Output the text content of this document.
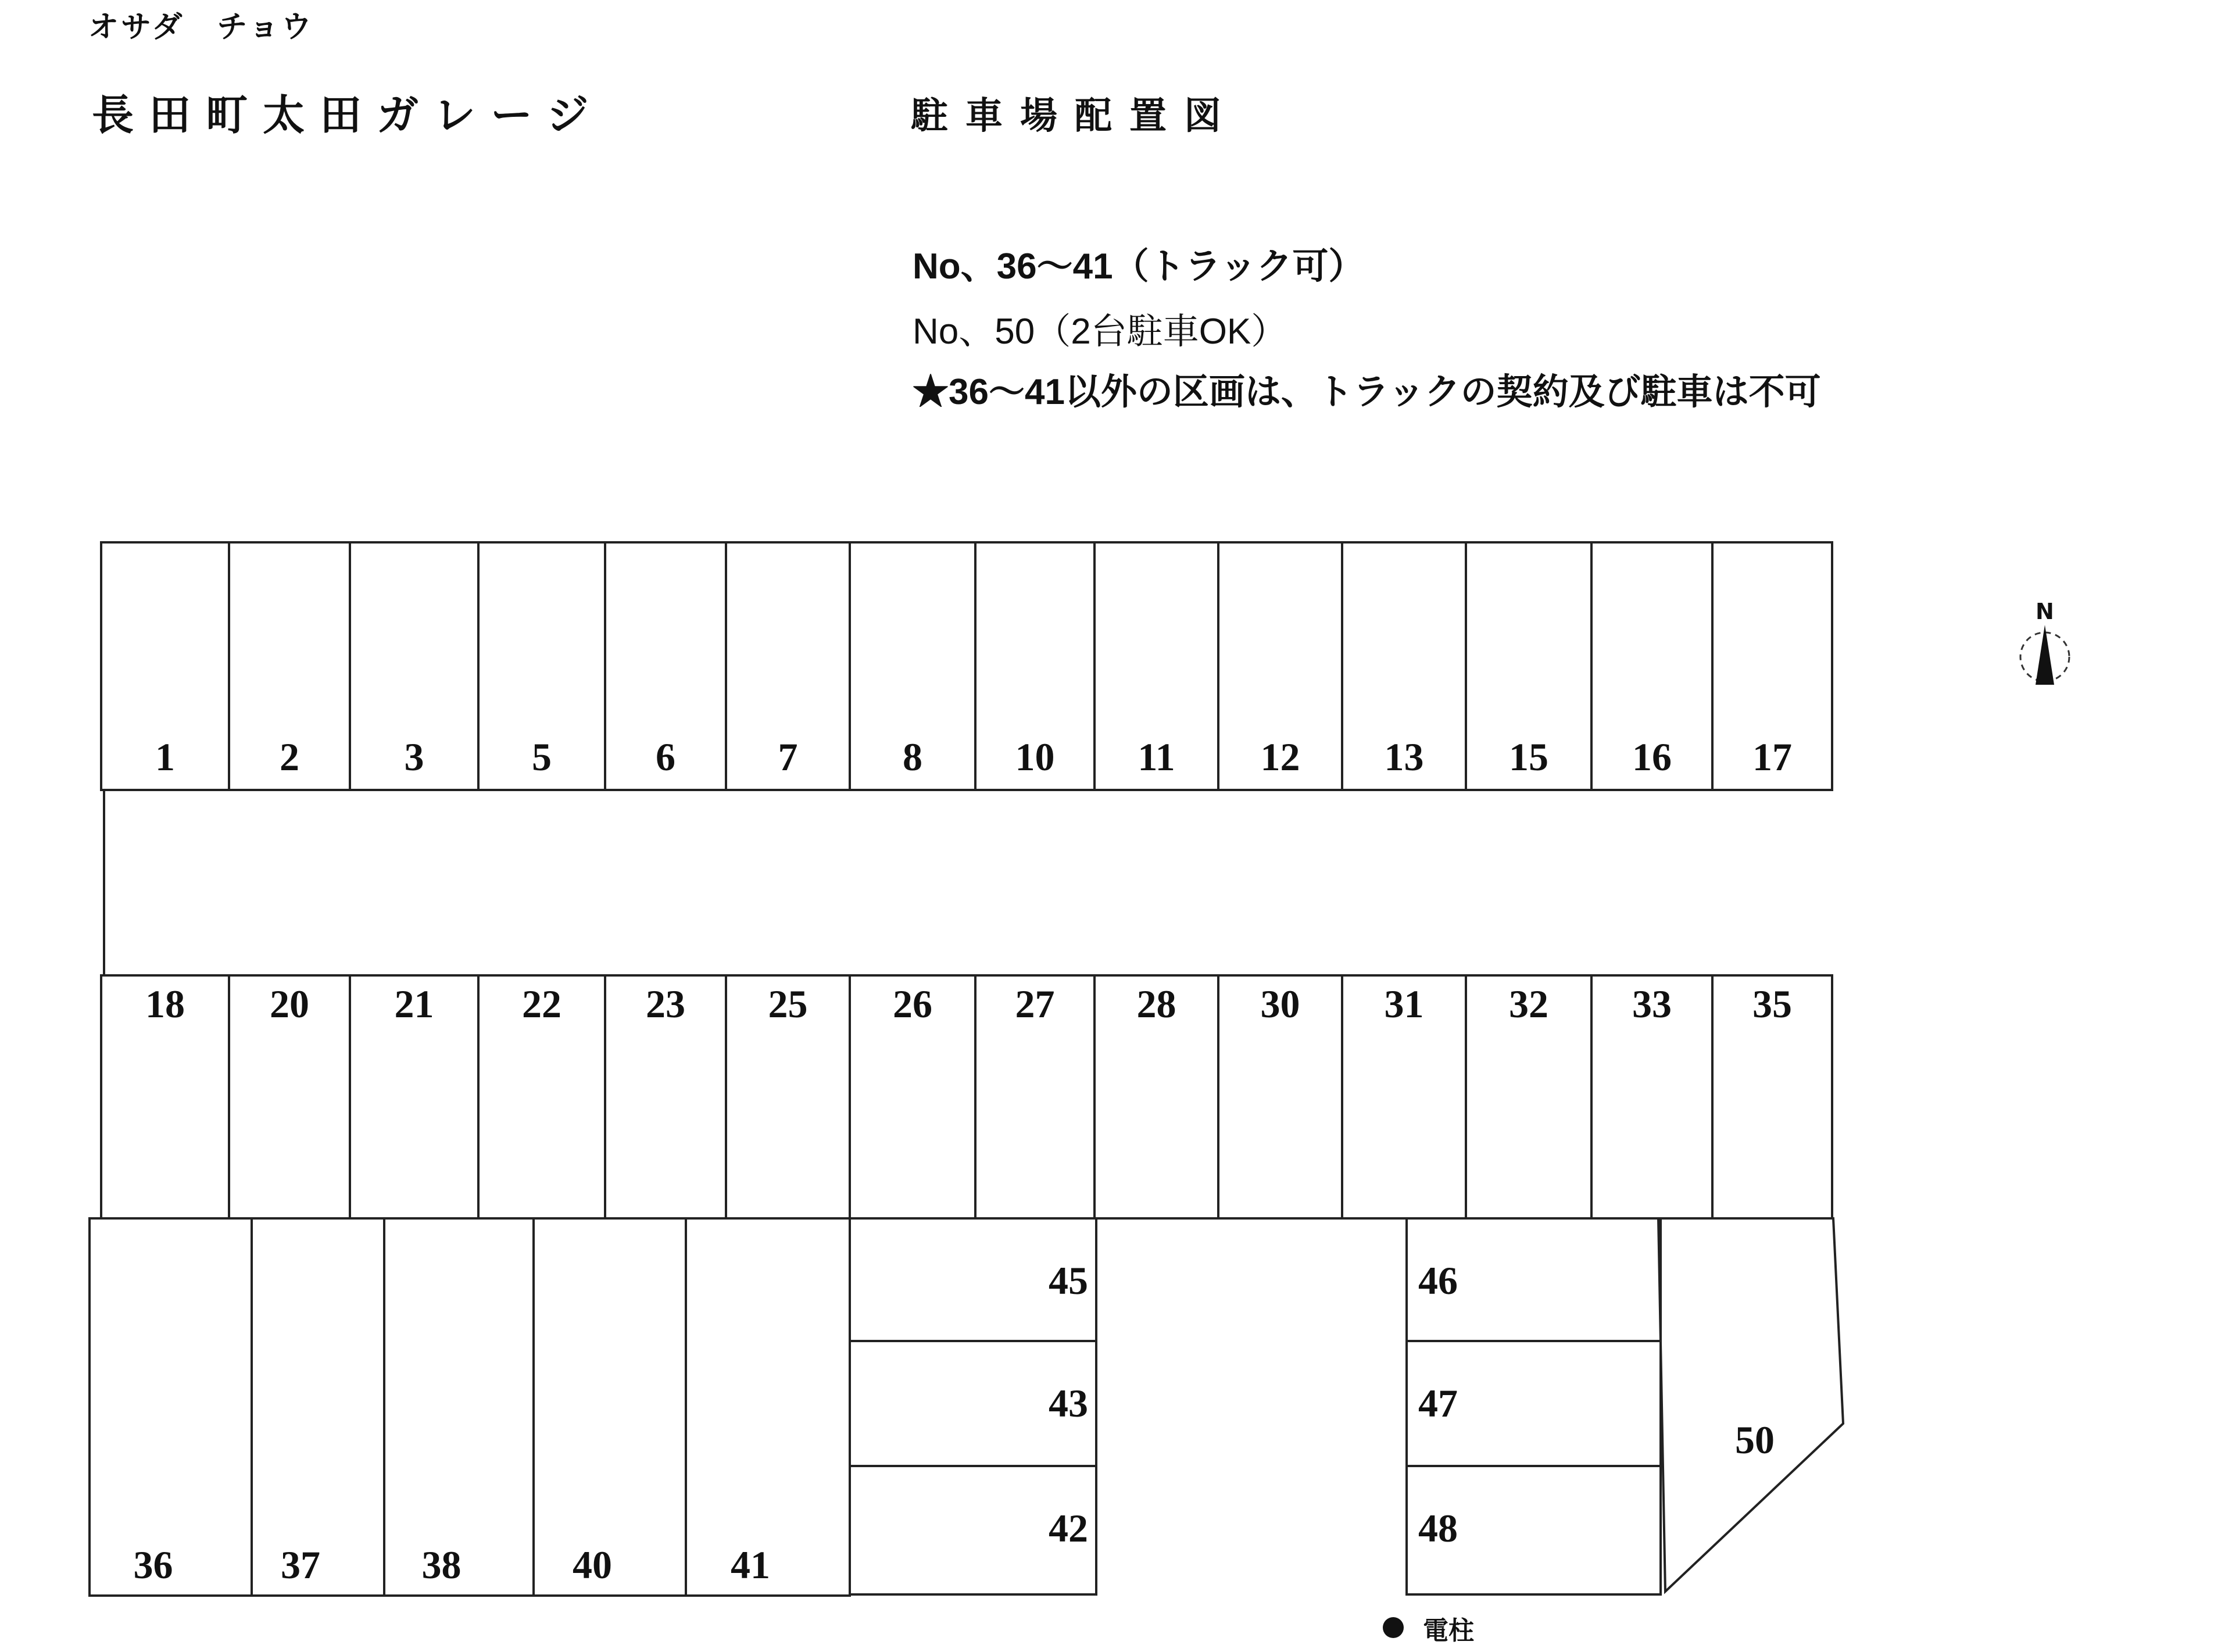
オサダ　チョウ
長田町太田ガレージ	駐車場配置図
No、36～41（トラック可）
No、50（2台駐車OK）
★36～41以外の区画は、トラックの契約及び駐車は不可
1
18
2
20
3
21
5
22
6
23
7
25
8
26
10
27
11
28
12
30
13
31
15
32
16
33
17
35
36	37	38	40	41
45	46
43	47
42	48
50
電柱
N
